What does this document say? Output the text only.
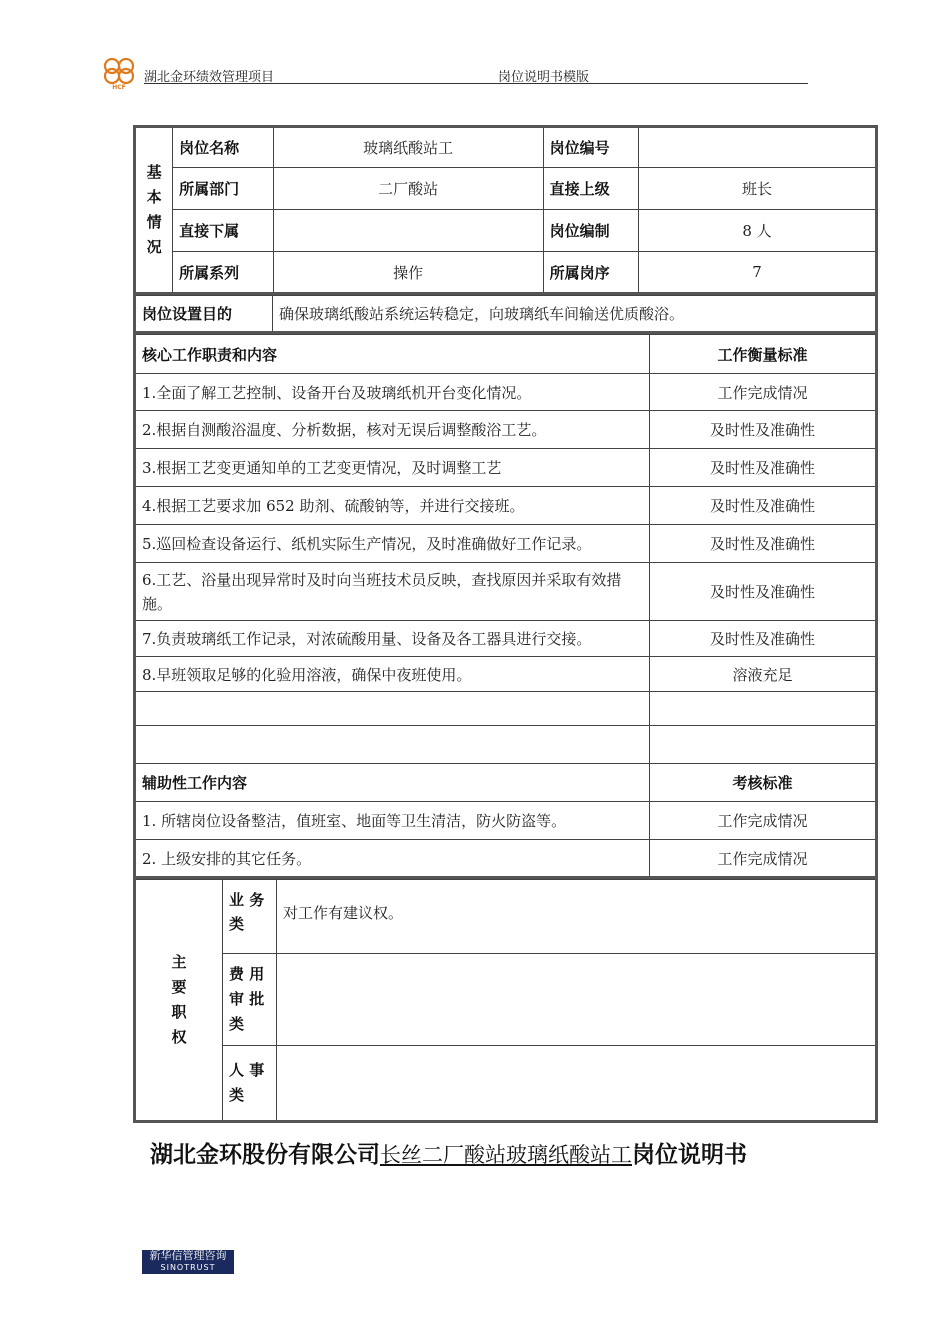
HCF
湖北金环绩效管理项目	岗位说明书模版
基
本
情
况	岗位名称	玻璃纸酸站工	岗位编号	
	所属部门	二厂酸站	直接上级	班长
	直接下属		岗位编制	8 人
	所属系列	操作	所属岗序	7
岗位设置目的	确保玻璃纸酸站系统运转稳定，向玻璃纸车间输送优质酸浴。
核心工作职责和内容	工作衡量标准
1.全面了解工艺控制、设备开台及玻璃纸机开台变化情况。	工作完成情况
2.根据自测酸浴温度、分析数据，核对无误后调整酸浴工艺。	及时性及准确性
3.根据工艺变更通知单的工艺变更情况，及时调整工艺	及时性及准确性
4.根据工艺要求加 652 助剂、硫酸钠等，并进行交接班。	及时性及准确性
5.巡回检查设备运行、纸机实际生产情况，及时准确做好工作记录。	及时性及准确性
6.工艺、浴量出现异常时及时向当班技术员反映，查找原因并采取有效措施。	及时性及准确性
7.负责玻璃纸工作记录，对浓硫酸用量、设备及各工器具进行交接。	及时性及准确性
8.早班领取足够的化验用溶液，确保中夜班使用。	溶液充足

辅助性工作内容	考核标准
1. 所辖岗位设备整洁，值班室、地面等卫生清洁，防火防盗等。	工作完成情况
2. 上级安排的其它任务。	工作完成情况
主
要
职
权	业 务
类	对工作有建议权。
	费 用
审 批
类	
	人 事
类	
湖北金环股份有限公司长丝二厂酸站玻璃纸酸站工岗位说明书
新华信管理咨询
SINOTRUST
